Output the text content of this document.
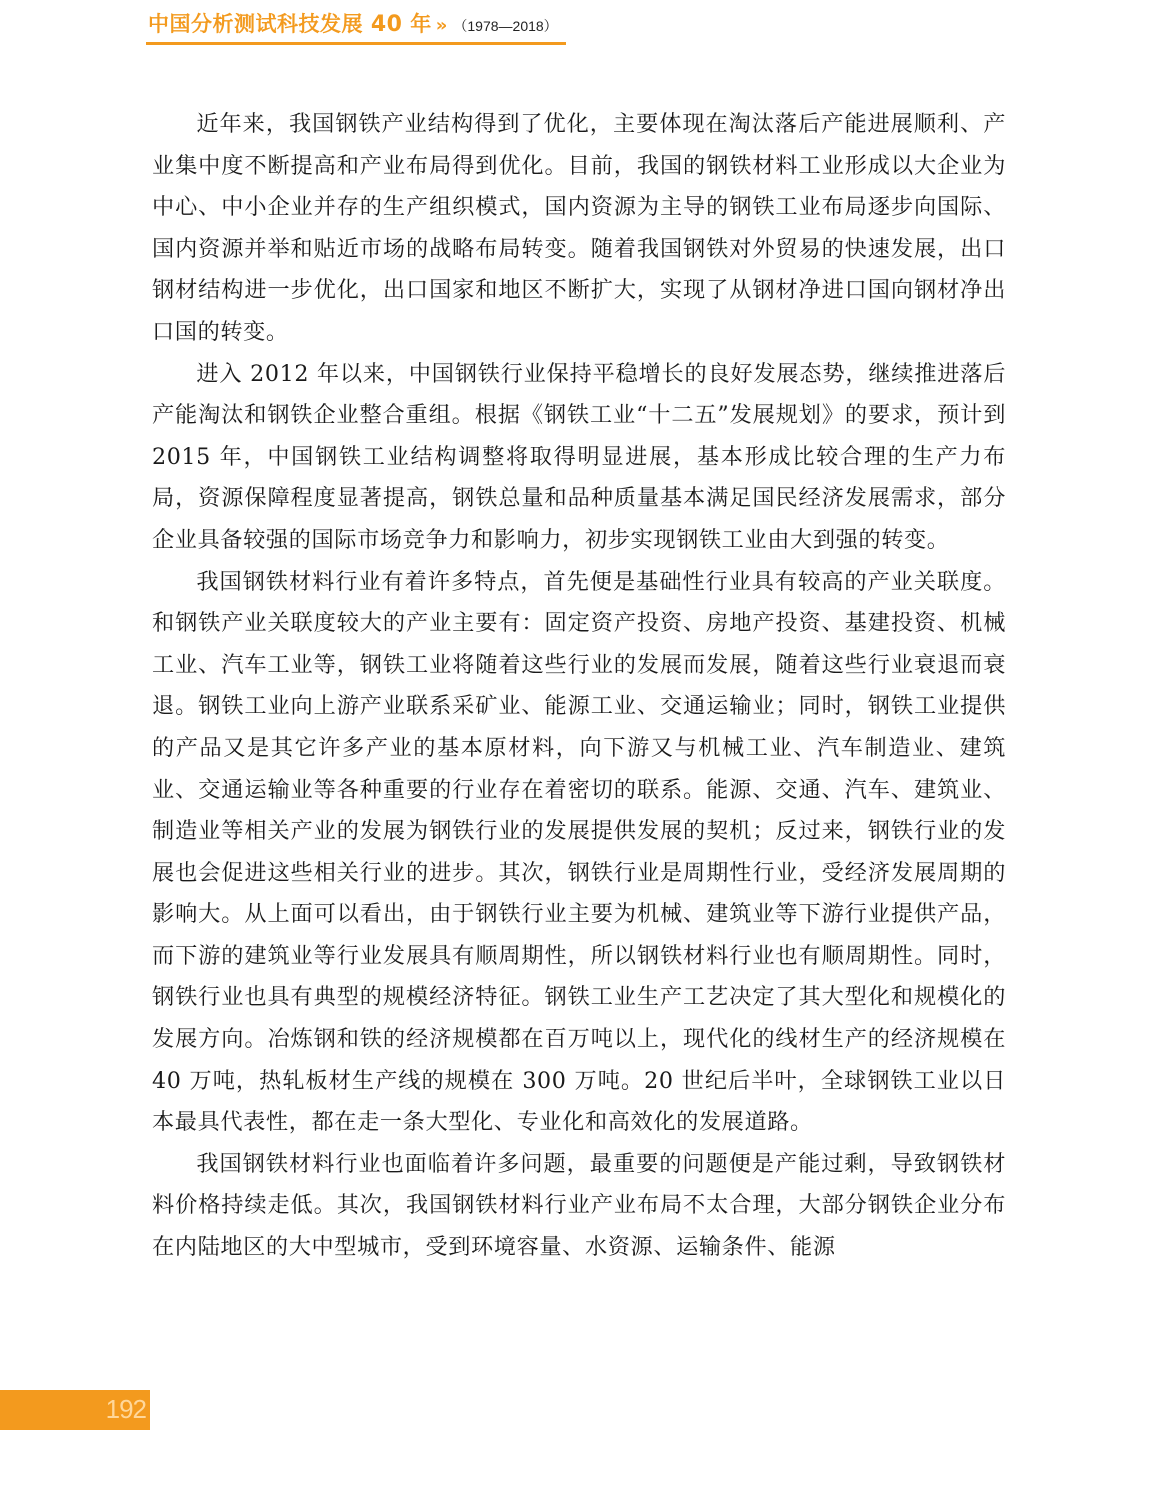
中国分析测试科技发展 40 年 » （1978—2018）

近年来，我国钢铁产业结构得到了优化，主要体现在淘汰落后产能进展顺利、产业集中度不断提高和产业布局得到优化。目前，我国的钢铁材料工业形成以大企业为中心、中小企业并存的生产组织模式，国内资源为主导的钢铁工业布局逐步向国际、国内资源并举和贴近市场的战略布局转变。随着我国钢铁对外贸易的快速发展，出口钢材结构进一步优化，出口国家和地区不断扩大，实现了从钢材净进口国向钢材净出口国的转变。

进入 2012 年以来，中国钢铁行业保持平稳增长的良好发展态势，继续推进落后产能淘汰和钢铁企业整合重组。根据《钢铁工业“十二五”发展规划》的要求，预计到 2015 年，中国钢铁工业结构调整将取得明显进展，基本形成比较合理的生产力布局，资源保障程度显著提高，钢铁总量和品种质量基本满足国民经济发展需求，部分企业具备较强的国际市场竞争力和影响力，初步实现钢铁工业由大到强的转变。

我国钢铁材料行业有着许多特点，首先便是基础性行业具有较高的产业关联度。和钢铁产业关联度较大的产业主要有：固定资产投资、房地产投资、基建投资、机械工业、汽车工业等，钢铁工业将随着这些行业的发展而发展，随着这些行业衰退而衰退。钢铁工业向上游产业联系采矿业、能源工业、交通运输业；同时，钢铁工业提供的产品又是其它许多产业的基本原材料，向下游又与机械工业、汽车制造业、建筑业、交通运输业等各种重要的行业存在着密切的联系。能源、交通、汽车、建筑业、制造业等相关产业的发展为钢铁行业的发展提供发展的契机；反过来，钢铁行业的发展也会促进这些相关行业的进步。其次，钢铁行业是周期性行业，受经济发展周期的影响大。从上面可以看出，由于钢铁行业主要为机械、建筑业等下游行业提供产品，而下游的建筑业等行业发展具有顺周期性，所以钢铁材料行业也有顺周期性。同时，钢铁行业也具有典型的规模经济特征。钢铁工业生产工艺决定了其大型化和规模化的发展方向。冶炼钢和铁的经济规模都在百万吨以上，现代化的线材生产的经济规模在 40 万吨，热轧板材生产线的规模在 300 万吨。20 世纪后半叶，全球钢铁工业以日本最具代表性，都在走一条大型化、专业化和高效化的发展道路。

我国钢铁材料行业也面临着许多问题，最重要的问题便是产能过剩，导致钢铁材料价格持续走低。其次，我国钢铁材料行业产业布局不太合理，大部分钢铁企业分布在内陆地区的大中型城市，受到环境容量、水资源、运输条件、能源

192
